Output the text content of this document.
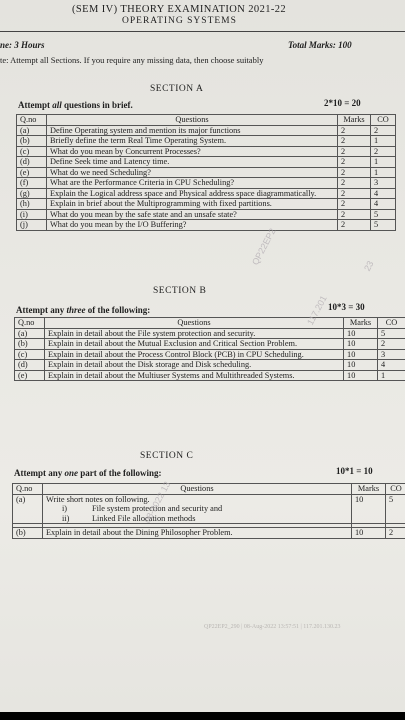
(SEM IV) THEORY EXAMINATION 2021-22
OPERATING SYSTEMS
ne: 3 Hours	Total Marks: 100
te: Attempt all Sections. If you require any missing data, then choose suitably
SECTION A
Attempt all questions in brief.	2*10 = 20
Q.no	Questions	Marks	CO
(a)	Define Operating system and mention its major functions	2	2
(b)	Briefly define the term Real Time Operating System.	2	1
(c)	What do you mean by Concurrent Processes?	2	2
(d)	Define Seek time and Latency time.	2	1
(e)	What do we need Scheduling?	2	1
(f)	What are the Performance Criteria in CPU Scheduling?	2	3
(g)	Explain the Logical address space and Physical address space diagrammatically.	2	4
(h)	Explain in brief about the Multiprogramming with fixed partitions.	2	4
(i)	What do you mean by the safe state and an unsafe state?	2	5
(j)	What do you mean by the I/O Buffering?	2	5
SECTION B
Attempt any three of the following:	10*3 = 30
Q.no	Questions	Marks	CO
(a)	Explain in detail about the File system protection and security.	10	5
(b)	Explain in detail about the Mutual Exclusion and Critical Section Problem.	10	2
(c)	Explain in detail about the Process Control Block (PCB) in CPU Scheduling.	10	3
(d)	Explain in detail about the Disk storage and Disk scheduling.	10	4
(e)	Explain in detail about the Multiuser Systems and Multithreaded Systems.	10	1
SECTION C
Attempt any one part of the following:	10*1 = 10
Q.no	Questions	Marks	CO
(a)	Write short notes on following.
i) File system protection and security and
ii) Linked File allocation methods	10	5

(b)	Explain in detail about the Dining Philosopher Problem.	10	2
QP22EP2
117.201
08-2022 13
23
QP22EP2_290 | 08-Aug-2022 13:57:51 | 117.201.130.23
